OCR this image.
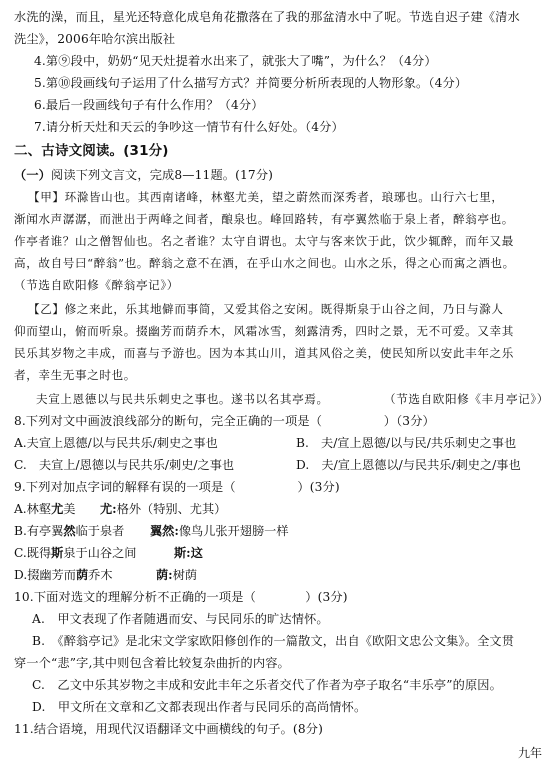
水洗的澡，而且，星光还特意化成皂角花撒落在了我的那盆清水中了呢。节选自迟子建《清水
洗尘》，2006年哈尔滨出版社
4.第⑨段中，奶奶“见天灶提着水出来了，就张大了嘴”，为什么？（4分）
5.第⑩段画线句子运用了什么描写方式？并简要分析所表现的人物形象。（4分）
6.最后一段画线句子有什么作用？（4分）
7.请分析天灶和天云的争吵这一情节有什么好处。（4分）
二、古诗文阅读。(31分)
（一）阅读下列文言文，完成8—11题。(17分)
【甲】环滁皆山也。其西南诸峰，林壑尤美，望之蔚然而深秀者，琅琊也。山行六七里，
渐闻水声潺潺，而泄出于两峰之间者，酿泉也。峰回路转，有亭翼然临于泉上者，醉翁亭也。
作亭者谁？山之僧智仙也。名之者谁？太守自谓也。太守与客来饮于此，饮少辄醉，而年又最
高，故自号曰“醉翁”也。醉翁之意不在酒，在乎山水之间也。山水之乐，得之心而寓之酒也。
（节选自欧阳修《醉翁亭记》）
【乙】修之来此，乐其地僻而事简，又爱其俗之安闲。既得斯泉于山谷之间，乃日与滁人
仰而望山，俯而听泉。掇幽芳而荫乔木，风霜冰雪，刻露清秀，四时之景，无不可爱。又幸其
民乐其岁物之丰成，而喜与予游也。因为本其山川，道其风俗之美，使民知所以安此丰年之乐
者，幸生无事之时也。
夫宣上恩德以与民共乐刺史之事也。遂书以名其亭焉。	（节选自欧阳修《丰月亭记》）
8.下列对文中画波浪线部分的断句，完全正确的一项是（　　　　　）（3分）
A.夫宣上恩德/以与民共乐/刺史之事也	B.　夫/宣上恩德/以与民/共乐刺史之事也
C.　夫宣上/恩德以与民共乐/刺史/之事也	D.　夫/宣上恩德以/与民共乐/刺史之/事也
9.下列对加点字词的解释有误的一项是（　　　　　）(3分)
A.林壑尤美 尤:格外（特别、尤其）
B.有亭翼然临于泉者 翼然:像鸟儿张开翅膀一样
C.既得斯泉于山谷之间	斯:这
D.掇幽芳而荫乔木	荫:树荫
10.下面对选文的理解分析不正确的一项是（　　　　）(3分)
A.　甲文表现了作者随遇而安、与民同乐的旷达情怀。
B.　《醉翁亭记》是北宋文学家欧阳修创作的一篇散文，出自《欧阳文忠公文集》。全文贯
穿一个“悲”字,其中则包含着比较复杂曲折的内容。
C.　乙文中乐其岁物之丰成和安此丰年之乐者交代了作者为亭子取名“丰乐亭”的原因。
D.　甲文所在文章和乙文都表现出作者与民同乐的高尚情怀。
11.结合语境，用现代汉语翻译文中画横线的句子。(8分)
九年
